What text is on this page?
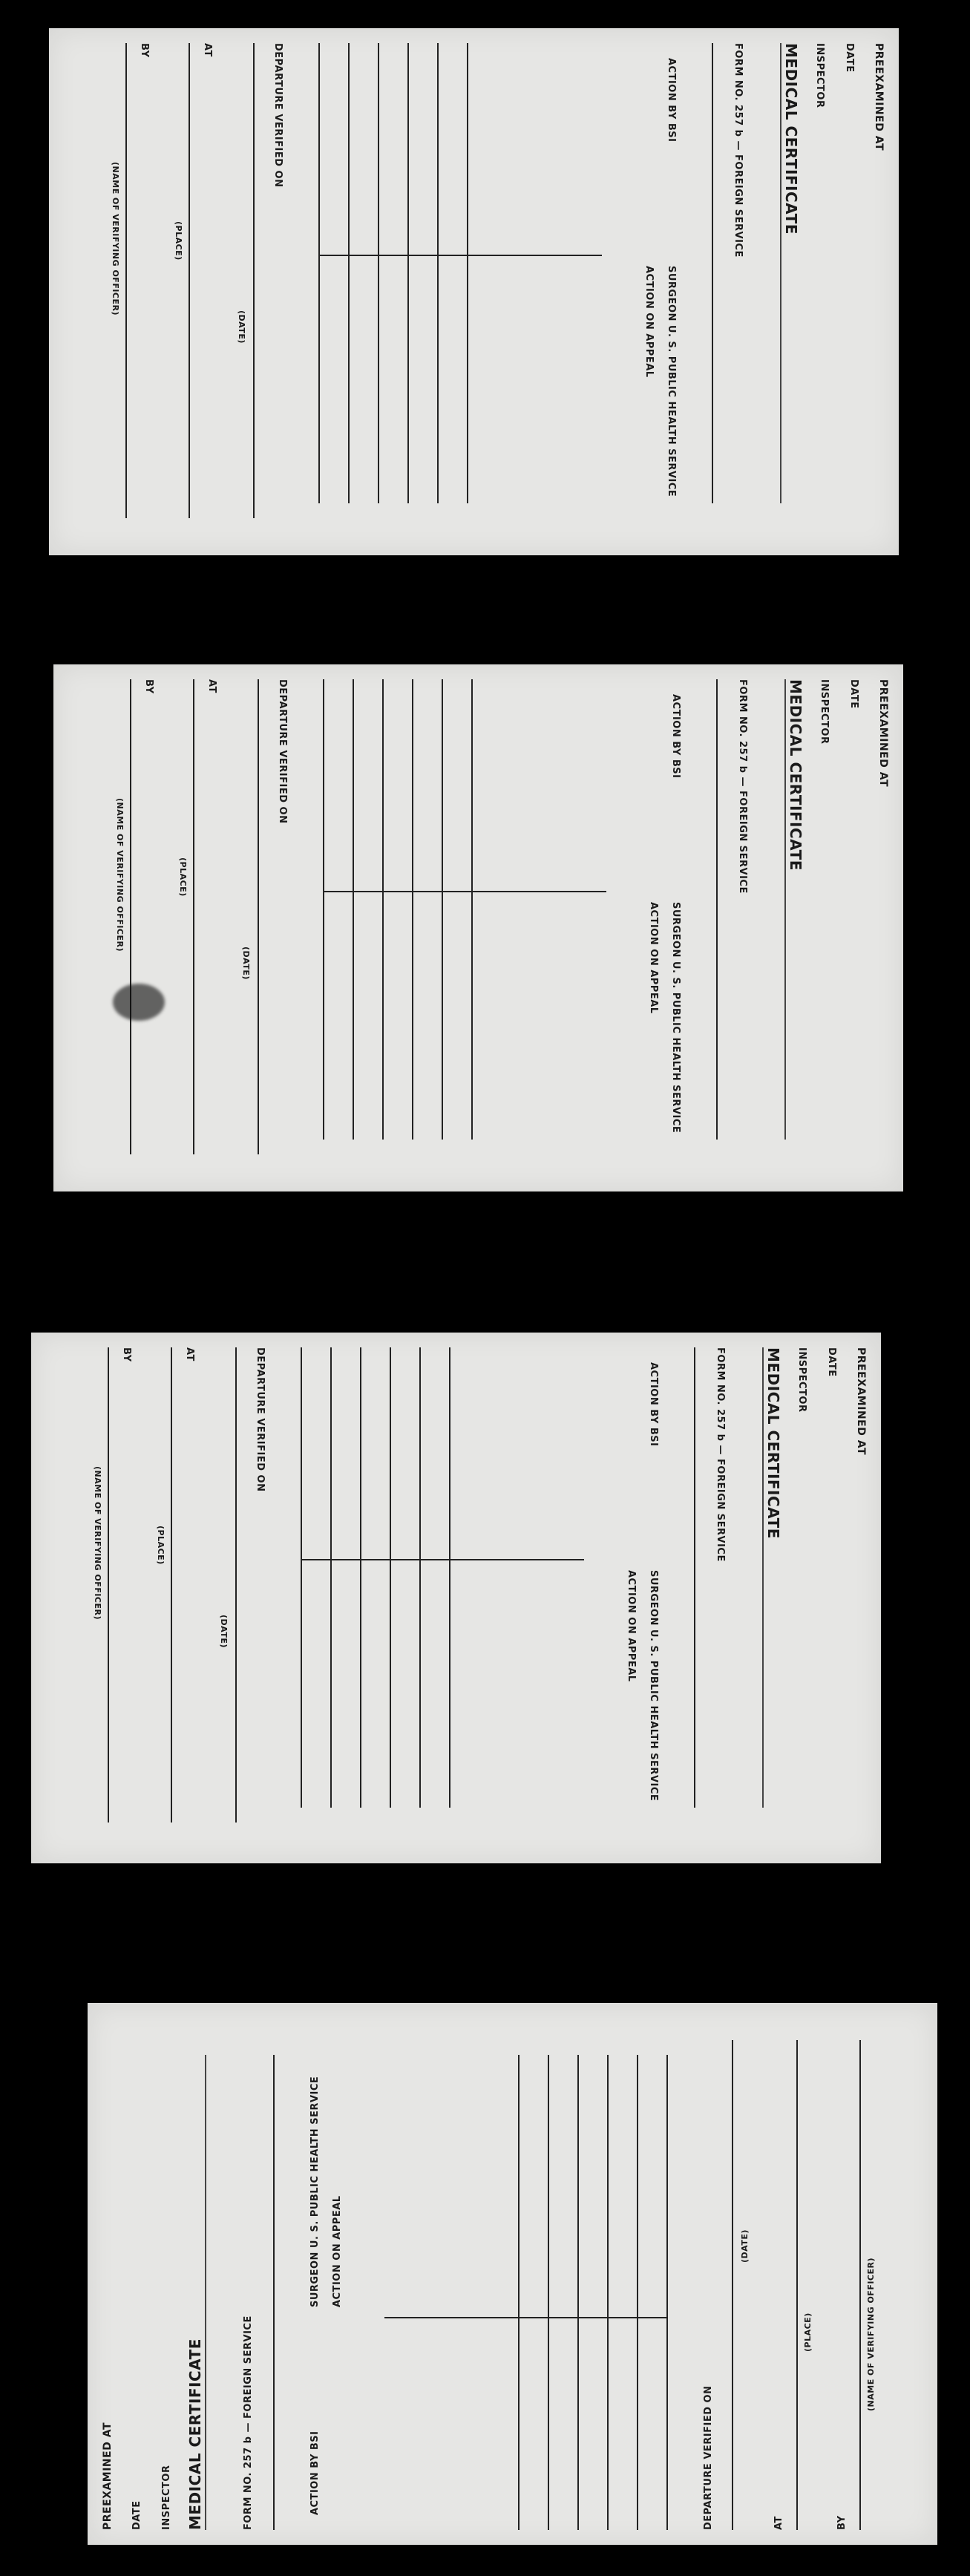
PREEXAMINED AT
DATE
INSPECTOR
MEDICAL CERTIFICATE
FORM NO. 257 b — FOREIGN SERVICE
ACTION BY BSI
SURGEON U. S. PUBLIC HEALTH SERVICE
ACTION ON APPEAL
DEPARTURE VERIFIED ON
(DATE)
AT
(PLACE)
BY
(NAME OF VERIFYING OFFICER)
PREEXAMINED AT
DATE
INSPECTOR
MEDICAL CERTIFICATE
FORM NO. 257 b — FOREIGN SERVICE
ACTION BY BSI
SURGEON U. S. PUBLIC HEALTH SERVICE
ACTION ON APPEAL
DEPARTURE VERIFIED ON
(DATE)
AT
(PLACE)
BY
(NAME OF VERIFYING OFFICER)
PREEXAMINED AT
DATE
INSPECTOR
MEDICAL CERTIFICATE
FORM NO. 257 b — FOREIGN SERVICE
ACTION BY BSI
SURGEON U. S. PUBLIC HEALTH SERVICE
ACTION ON APPEAL
DEPARTURE VERIFIED ON
(DATE)
AT
(PLACE)
BY
(NAME OF VERIFYING OFFICER)
PREEXAMINED AT DATE INSPECTOR MEDICAL CERTIFICATE	FORM NO. 257 b — FOREIGN SERVICE	ACTION BY BSI
SURGEON U. S. PUBLIC HEALTH SERVICE ACTION ON APPEAL
DEPARTURE VERIFIED ON
(DATE)
AT
(PLACE)
BY
(NAME OF VERIFYING OFFICER)
